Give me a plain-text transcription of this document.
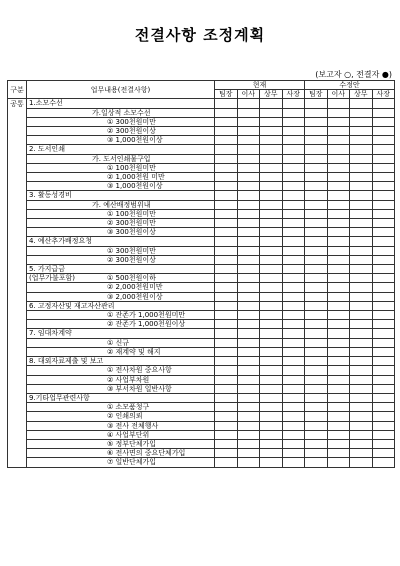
전결사항 조정계획
(보고자 ○, 전결자 ●)
구분	업무내용(전결사항)	현재				수정안			
		팀장	이사	상무	사장	팀장	이사	상무	사장
공통	1.소모수선								
	가.일상적 소모수선								
	① 300천원미만								
	② 300천원이상								
	③ 1,000천원이상								
	2. 도서인쇄								
	가. 도서인쇄물구입								
	① 100천원미만								
	② 1,000천원 미만								
	③ 1,000천원이상								
	3. 활동성경비								
	가. 예산배정범위내								
	① 100천원미만								
	② 300천원미만								
	③ 300천원이상								
	4. 예산추가배정요청								
	① 300천원미만								
	② 300천원이상								
	5. 가지급금								
	(업무가불포함) ① 500천원이하								

	② 2,000천원미만								
	③ 2,000천원이상								
	6. 고정자산및 재고자산관리								
	① 잔존가 1,000천원미만								
	② 잔존가 1,000천원이상								
	7. 임대차계약								
	① 신규								
	② 재계약 및 해지								
	8. 대외자료제출 및 보고								
	① 전사차원 중요사항								
	② 사업부차원								
	③ 부서차원 일반사항								
	9.기타업무관련사항								
	① 소모품청구								
	② 인쇄의뢰								
	③ 전사 전체행사								
	④ 사업부단위								
	⑤ 정부단체가입								
	⑥ 전사면의 중요단체가입								
	⑦ 일반단체가입								
